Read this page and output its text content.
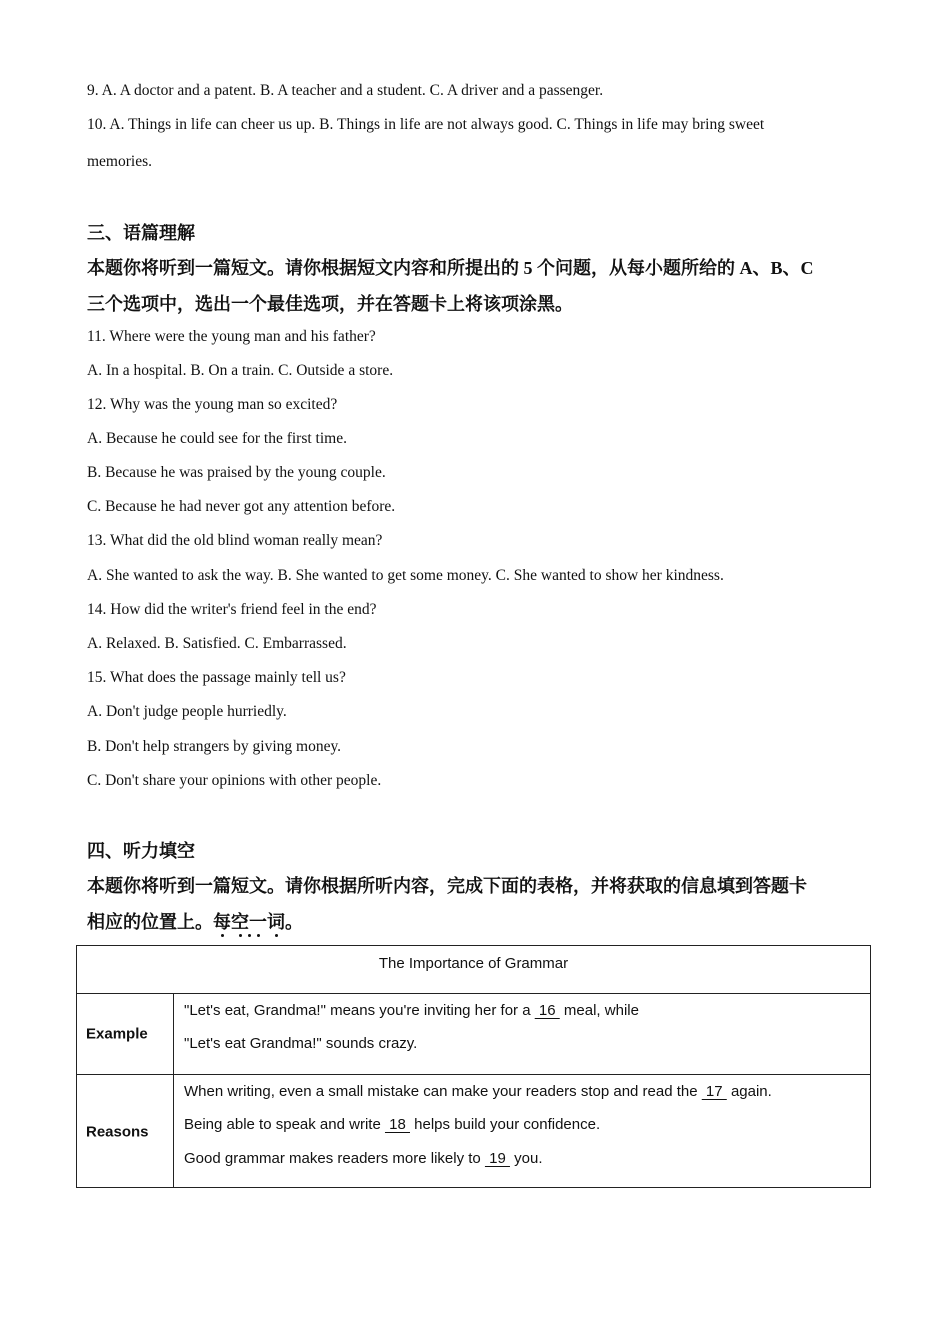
9. A. A doctor and a patent. B. A teacher and a student. C. A driver and a passenger.
10. A. Things in life can cheer us up. B. Things in life are not always good. C. Things in life may bring sweet
memories.
三、语篇理解
本题你将听到一篇短文。请你根据短文内容和所提出的 5 个问题，从每小题所给的 A、B、C
三个选项中，选出一个最佳选项，并在答题卡上将该项涂黑。
11. Where were the young man and his father?
A. In a hospital. B. On a train. C. Outside a store.
12. Why was the young man so excited?
A. Because he could see for the first time.
B. Because he was praised by the young couple.
C. Because he had never got any attention before.
13. What did the old blind woman really mean?
A. She wanted to ask the way. B. She wanted to get some money. C. She wanted to show her kindness.
14. How did the writer's friend feel in the end?
A. Relaxed. B. Satisfied. C. Embarrassed.
15. What does the passage mainly tell us?
A. Don't judge people hurriedly.
B. Don't help strangers by giving money.
C. Don't share your opinions with other people.
四、听力填空
本题你将听到一篇短文。请你根据所听内容，完成下面的表格，并将获取的信息填到答题卡
相应的位置上。每空一词。
The Importance of Grammar
Example
"Let's eat, Grandma!" means you're inviting her for a  16  meal, while
"Let's eat Grandma!" sounds crazy.
Reasons
When writing, even a small mistake can make your readers stop and read the  17  again.
Being able to speak and write  18  helps build your confidence.
Good grammar makes readers more likely to  19  you.
